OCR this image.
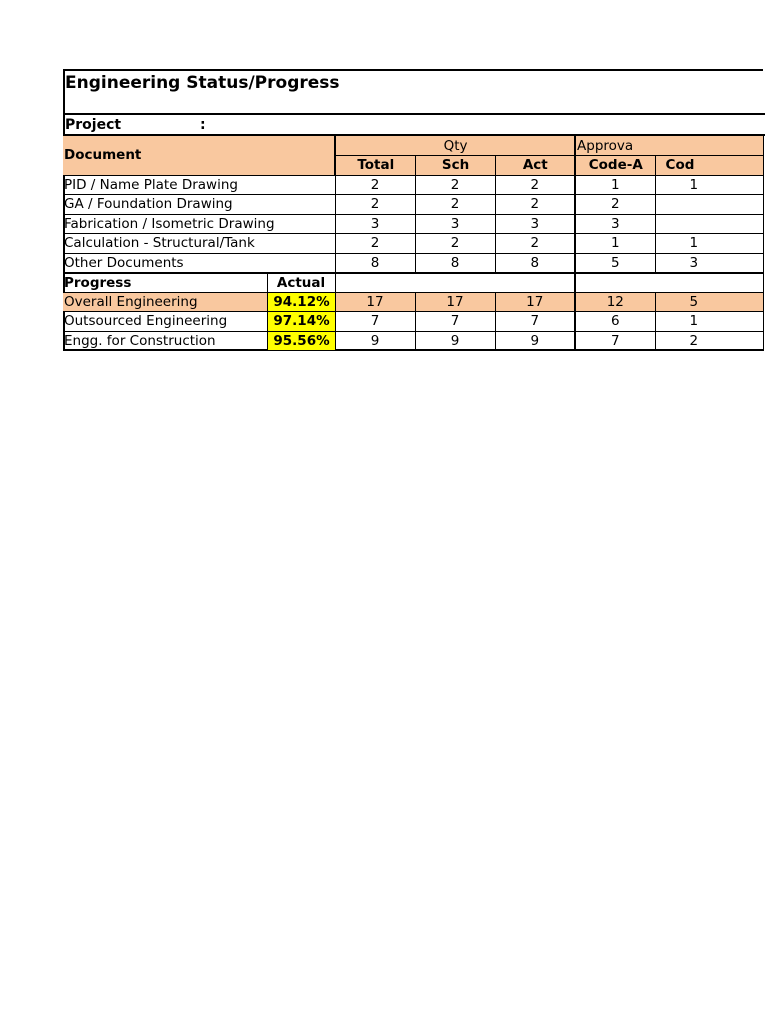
Engineering Status/Progress
Project	:
Document		Qty			Approva	
		Total	Sch	Act	Code-A	Cod
PID / Name Plate Drawing		2	2	2	1	1
GA / Foundation Drawing		2	2	2	2	
Fabrication / Isometric Drawing		3	3	3	3	
Calculation - Structural/Tank		2	2	2	1	1
Other Documents		8	8	8	5	3
Progress	Actual					
Overall Engineering	94.12%	17	17	17	12	5
Outsourced Engineering	97.14%	7	7	7	6	1
Engg. for Construction	95.56%	9	9	9	7	2
